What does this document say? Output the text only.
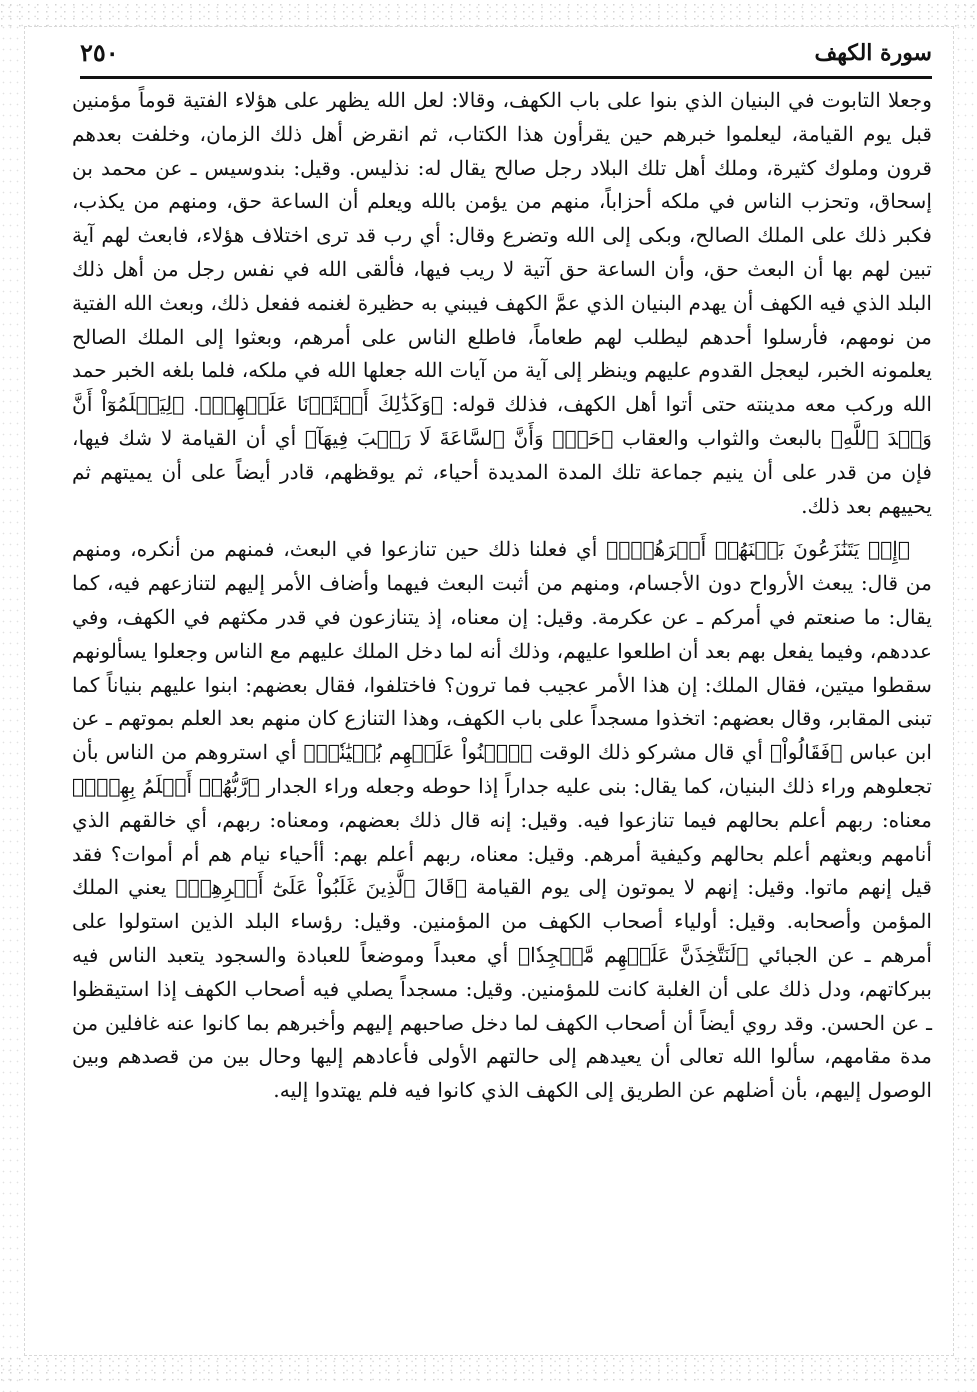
سورة الكهف
٢٥٠

وجعلا التابوت في البنيان الذي بنوا على باب الكهف، وقالا: لعل الله يظهر على هؤلاء الفتية قوماً مؤمنين قبل يوم القيامة، ليعلموا خبرهم حين يقرأون هذا الكتاب، ثم انقرض أهل ذلك الزمان، وخلفت بعدهم قرون وملوك كثيرة، وملك أهل تلك البلاد رجل صالح يقال له: نذليس. وقيل: بندوسيس ـ عن محمد بن إسحاق، وتحزب الناس في ملكه أحزاباً، منهم من يؤمن بالله ويعلم أن الساعة حق، ومنهم من يكذب، فكبر ذلك على الملك الصالح، وبكى إلى الله وتضرع وقال: أي رب قد ترى اختلاف هؤلاء، فابعث لهم آية تبين لهم بها أن البعث حق، وأن الساعة حق آتية لا ريب فيها، فألقى الله في نفس رجل من أهل ذلك البلد الذي فيه الكهف أن يهدم البنيان الذي عمَّ الكهف فيبني به حظيرة لغنمه ففعل ذلك، وبعث الله الفتية من نومهم، فأرسلوا أحدهم ليطلب لهم طعاماً، فاطلع الناس على أمرهم، وبعثوا إلى الملك الصالح يعلمونه الخبر، ليعجل القدوم عليهم وينظر إلى آية من آيات الله جعلها الله في ملكه، فلما بلغه الخبر حمد الله وركب معه مدينته حتى أتوا أهل الكهف، فذلك قوله: ﴿وَكَذَٰلِكَ أَعۡثَرۡنَا عَلَيۡهِمۡ﴾. ﴿لِيَعۡلَمُوٓاْ أَنَّ وَعۡدَ ٱللَّهِ﴾ بالبعث والثواب والعقاب ﴿حَقّٞ وَأَنَّ ٱلسَّاعَةَ لَا رَيۡبَ فِيهَآ﴾ أي أن القيامة لا شك فيها، فإن من قدر على أن ينيم جماعة تلك المدة المديدة أحياء، ثم يوقظهم، قادر أيضاً على أن يميتهم ثم يحييهم بعد ذلك.

﴿إِذۡ يَتَنَٰزَعُونَ بَيۡنَهُمۡ أَمۡرَهُمۡۖ﴾ أي فعلنا ذلك حين تنازعوا في البعث، فمنهم من أنكره، ومنهم من قال: يبعث الأرواح دون الأجسام، ومنهم من أثبت البعث فيهما وأضاف الأمر إليهم لتنازعهم فيه، كما يقال: ما صنعتم في أمركم ـ عن عكرمة. وقيل: إن معناه، إذ يتنازعون في قدر مكثهم في الكهف، وفي عددهم، وفيما يفعل بهم بعد أن اطلعوا عليهم، وذلك أنه لما دخل الملك عليهم مع الناس وجعلوا يسألونهم سقطوا ميتين، فقال الملك: إن هذا الأمر عجيب فما ترون؟ فاختلفوا، فقال بعضهم: ابنوا عليهم بنياناً كما تبنى المقابر، وقال بعضهم: اتخذوا مسجداً على باب الكهف، وهذا التنازع كان منهم بعد العلم بموتهم ـ عن ابن عباس ﴿فَقَالُواْ﴾ أي قال مشركو ذلك الوقت ﴿ٱبۡنُواْ عَلَيۡهِم بُنۡيَٰنٗاۖ﴾ أي استروهم من الناس بأن تجعلوهم وراء ذلك البنيان، كما يقال: بنى عليه جداراً إذا حوطه وجعله وراء الجدار ﴿رَّبُّهُمۡ أَعۡلَمُ بِهِمۡۚ﴾ معناه: ربهم أعلم بحالهم فيما تنازعوا فيه. وقيل: إنه قال ذلك بعضهم، ومعناه: ربهم، أي خالقهم الذي أنامهم وبعثهم أعلم بحالهم وكيفية أمرهم. وقيل: معناه، ربهم أعلم بهم: أأحياء نيام هم أم أموات؟ فقد قيل إنهم ماتوا. وقيل: إنهم لا يموتون إلى يوم القيامة ﴿قَالَ ٱلَّذِينَ غَلَبُواْ عَلَىٰٓ أَمۡرِهِمۡ﴾ يعني الملك المؤمن وأصحابه. وقيل: أولياء أصحاب الكهف من المؤمنين. وقيل: رؤساء البلد الذين استولوا على أمرهم ـ عن الجبائي ﴿لَنَتَّخِذَنَّ عَلَيۡهِم مَّسۡجِدٗا﴾ أي معبداً وموضعاً للعبادة والسجود يتعبد الناس فيه ببركاتهم، ودل ذلك على أن الغلبة كانت للمؤمنين. وقيل: مسجداً يصلي فيه أصحاب الكهف إذا استيقظوا ـ عن الحسن. وقد روي أيضاً أن أصحاب الكهف لما دخل صاحبهم إليهم وأخبرهم بما كانوا عنه غافلين من مدة مقامهم، سألوا الله تعالى أن يعيدهم إلى حالتهم الأولى فأعادهم إليها وحال بين من قصدهم وبين الوصول إليهم، بأن أضلهم عن الطريق إلى الكهف الذي كانوا فيه فلم يهتدوا إليه.
